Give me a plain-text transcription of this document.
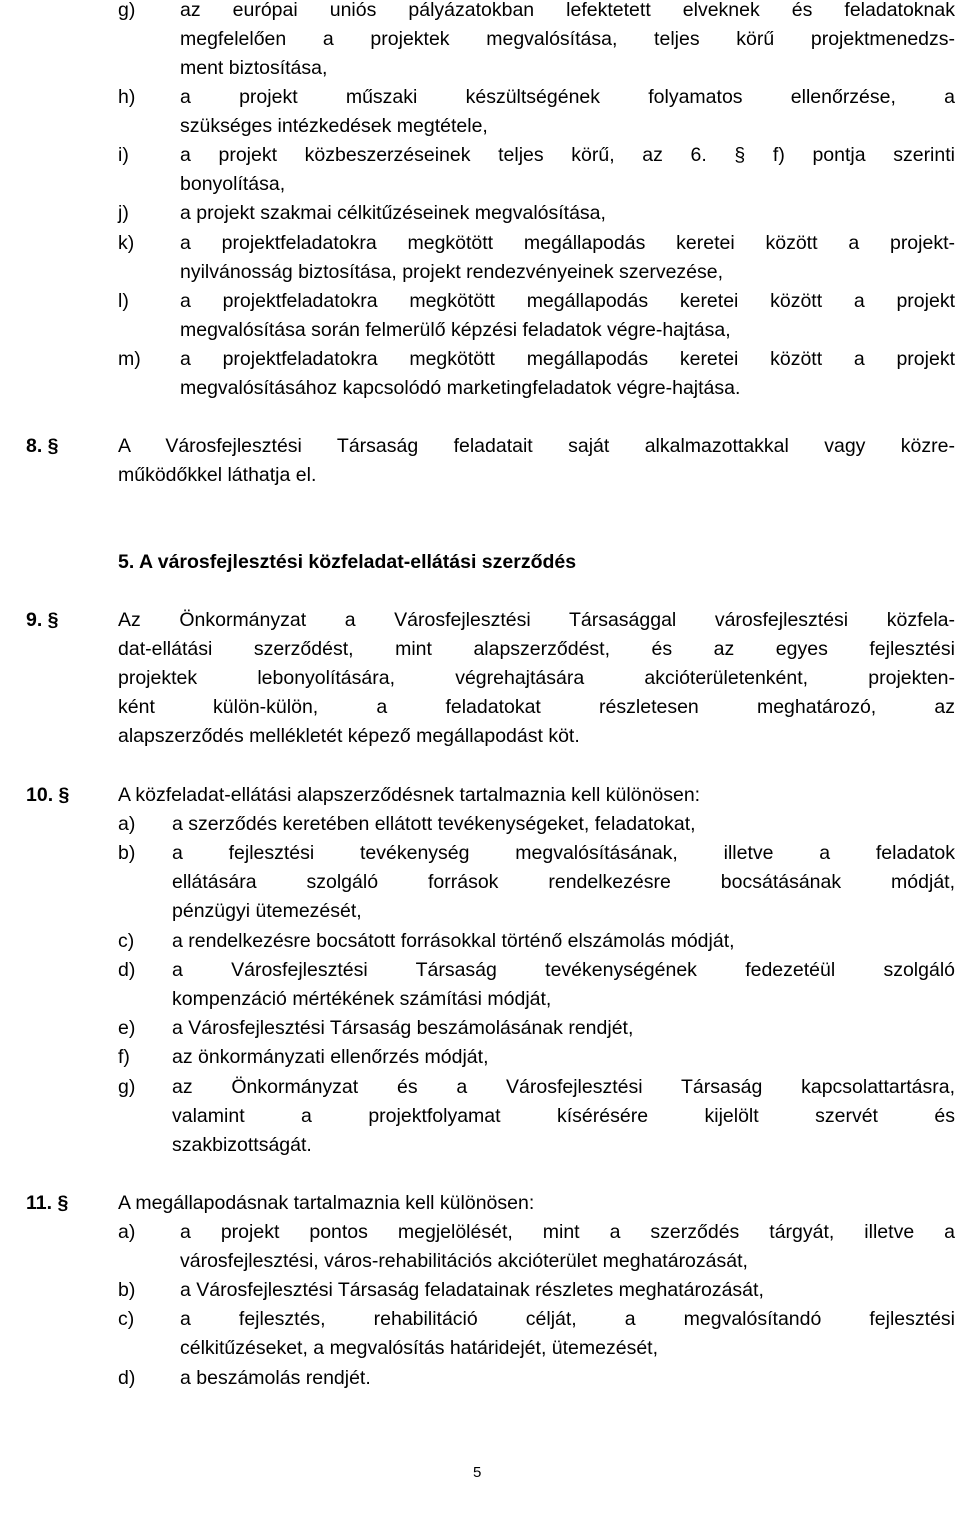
g) az európai uniós pályázatokban lefektetett elveknek és feladatoknak
megfelelően a projektek megvalósítása, teljes körű projektmenedzs-
ment biztosítása,
h) a projekt műszaki készültségének folyamatos ellenőrzése, a
szükséges intézkedések megtétele,
i)	a projekt közbeszerzéseinek teljes körű, az 6. § f) pontja szerinti
bonyolítása,
j)	a projekt szakmai célkitűzéseinek megvalósítása,
k) a projektfeladatokra megkötött megállapodás keretei között a projekt-
nyilvánosság biztosítása, projekt rendezvényeinek szervezése,
l)	a projektfeladatokra megkötött megállapodás keretei között a projekt
megvalósítása során felmerülő képzési feladatok végre-hajtása,
m) a projektfeladatokra megkötött megállapodás keretei között a projekt
megvalósításához kapcsolódó marketingfeladatok végre-hajtása.
8. §	A Városfejlesztési Társaság feladatait saját alkalmazottakkal vagy közre-
működőkkel láthatja el.
5. A városfejlesztési közfeladat-ellátási szerződés
9. §	Az Önkormányzat a Városfejlesztési Társasággal városfejlesztési közfela-
dat-ellátási szerződést, mint alapszerződést, és az egyes fejlesztési
projektek lebonyolítására, végrehajtására akcióterületenként, projekten-
ként külön-külön, a feladatokat részletesen meghatározó, az
alapszerződés mellékletét képező megállapodást köt.
10. § A közfeladat-ellátási alapszerződésnek tartalmaznia kell különösen:
a) a szerződés keretében ellátott tevékenységeket, feladatokat,
b) a fejlesztési tevékenység megvalósításának, illetve a feladatok
ellátására szolgáló források rendelkezésre bocsátásának módját,
pénzügyi ütemezését,
c) a rendelkezésre bocsátott forrásokkal történő elszámolás módját,
d) a Városfejlesztési Társaság tevékenységének fedezetéül szolgáló
kompenzáció mértékének számítási módját,
e) a Városfejlesztési Társaság beszámolásának rendjét,
f) az önkormányzati ellenőrzés módját,
g) az Önkormányzat és a Városfejlesztési Társaság kapcsolattartásra,
valamint a projektfolyamat kísérésére kijelölt szervét és
szakbizottságát.
11. §	A megállapodásnak tartalmaznia kell különösen:
a) a projekt pontos megjelölését, mint a szerződés tárgyát, illetve a
városfejlesztési, város-rehabilitációs akcióterület meghatározását,
b) a Városfejlesztési Társaság feladatainak részletes meghatározását,
c) a fejlesztés, rehabilitáció célját, a megvalósítandó fejlesztési
célkitűzéseket, a megvalósítás határidejét, ütemezését,
d) a beszámolás rendjét.
5
